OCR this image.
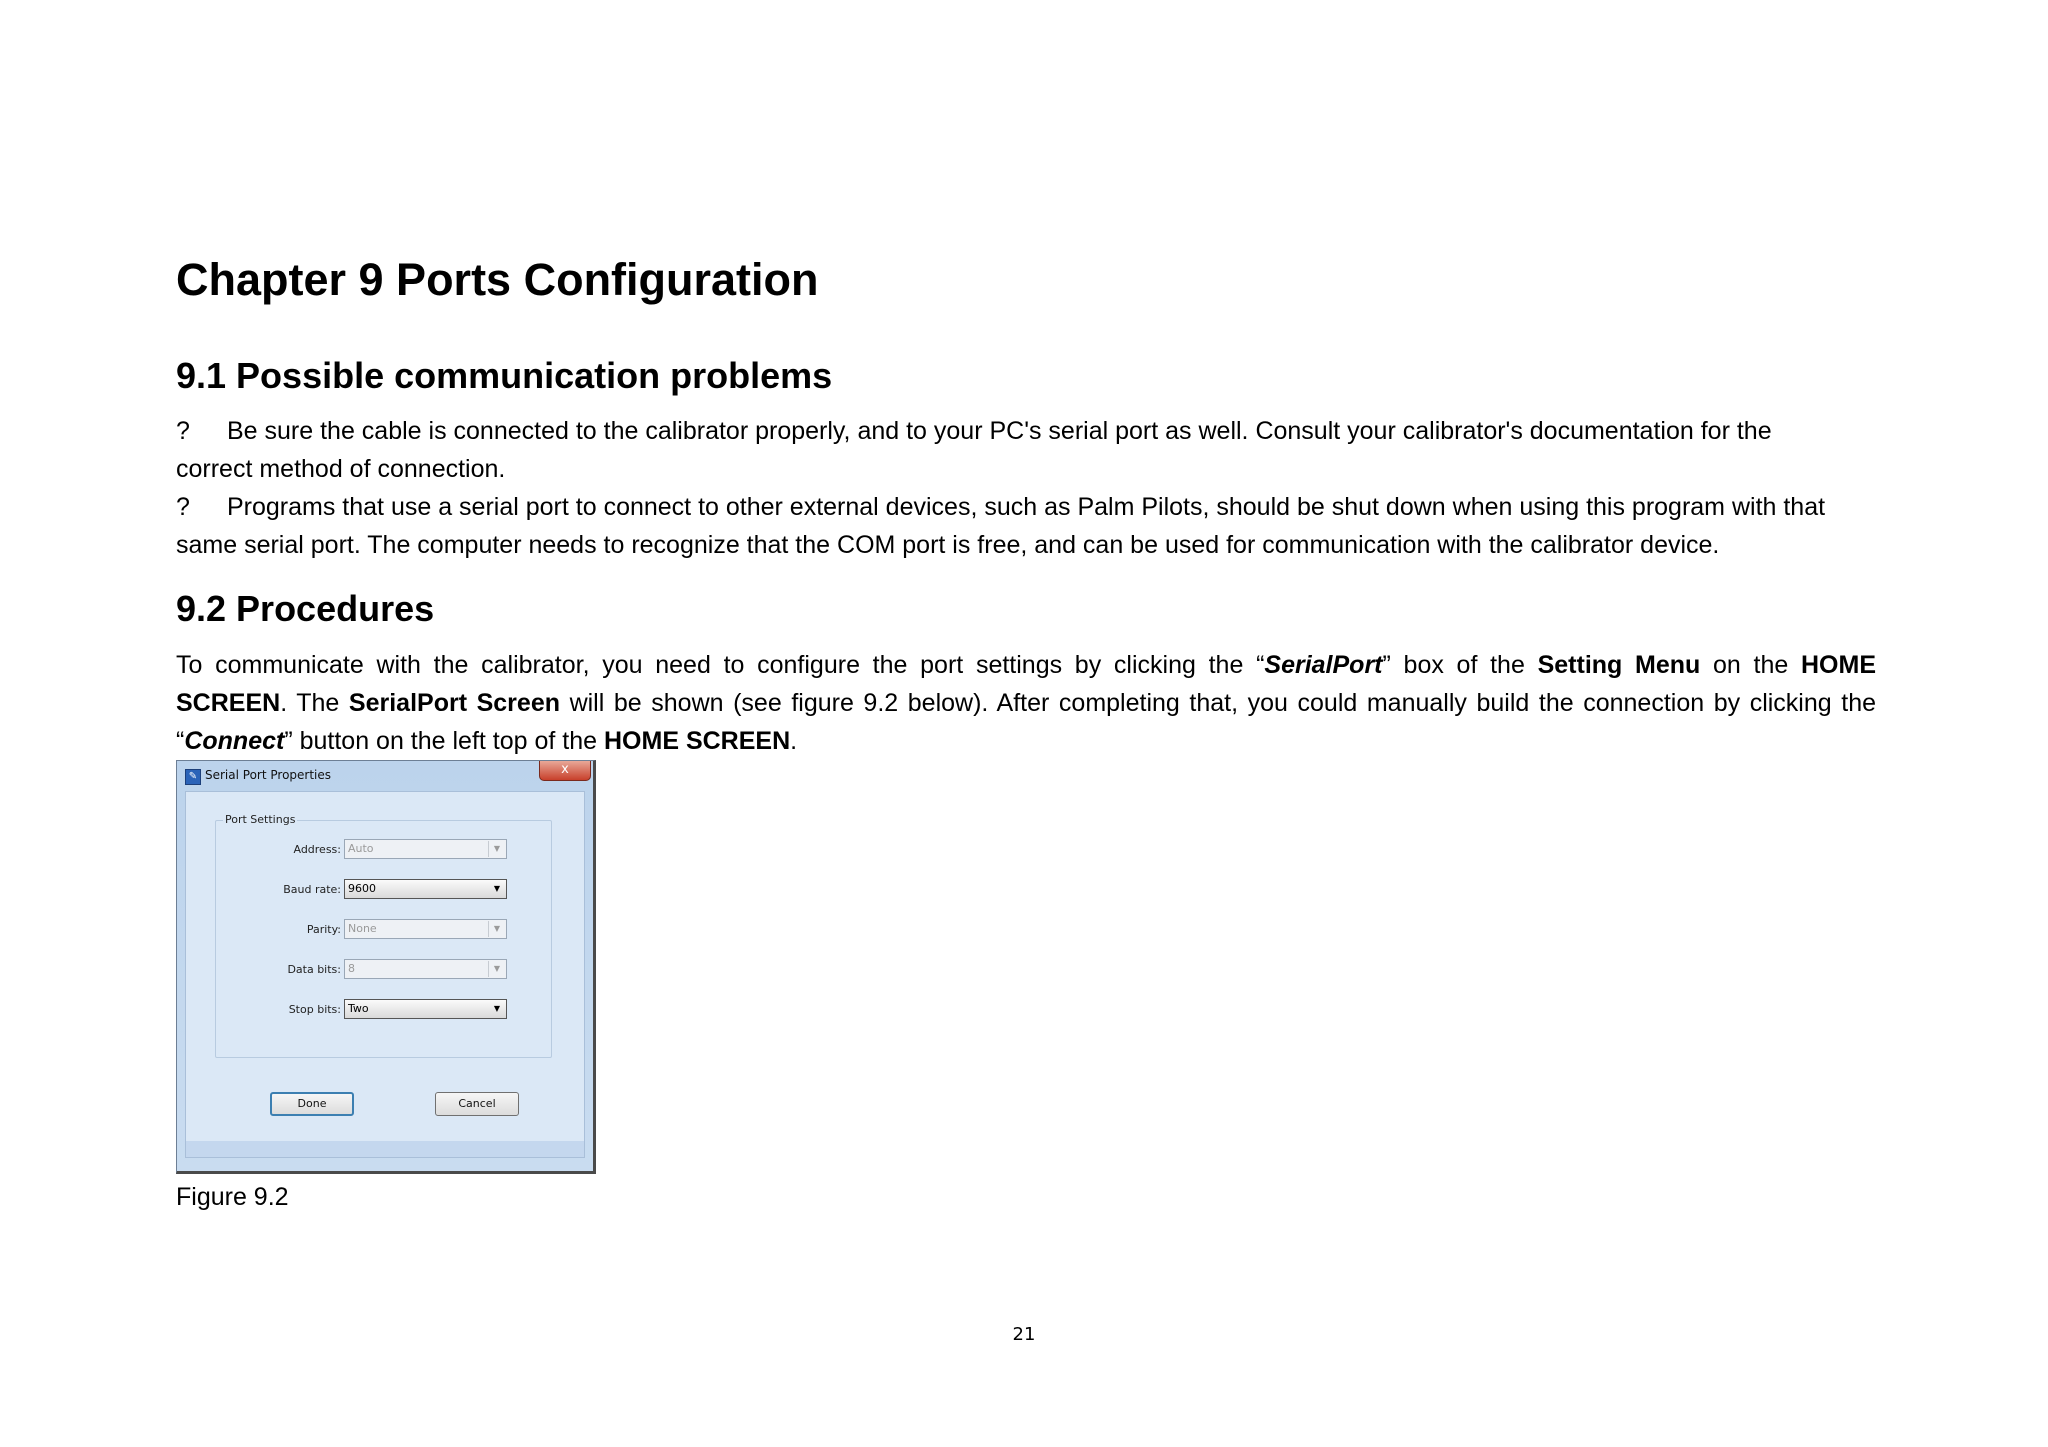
Chapter 9 Ports Configuration
9.1 Possible communication problems

? Be sure the cable is connected to the calibrator properly, and to your PC's serial port as well. Consult your calibrator's documentation for the

correct method of connection.

? Programs that use a serial port to connect to other external devices, such as Palm Pilots, should be shut down when using this program with that

same serial port. The computer needs to recognize that the COM port is free, and can be used for communication with the calibrator device.

9.2 Procedures

To communicate with the calibrator, you need to configure the port settings by clicking the “SerialPort” box of the Setting Menu on the HOME

SCREEN. The SerialPort Screen will be shown (see figure 9.2 below). After completing that, you could manually build the connection by clicking the

“Connect” button on the left top of the HOME SCREEN.

✎ Serial Port Properties	x
Port Settings
Address: Auto	▼
Baud rate: 9600	▼
Parity: None	▼
Data bits: 8	▼
Stop bits: Two	▼
Done	Cancel

Figure 9.2

21
